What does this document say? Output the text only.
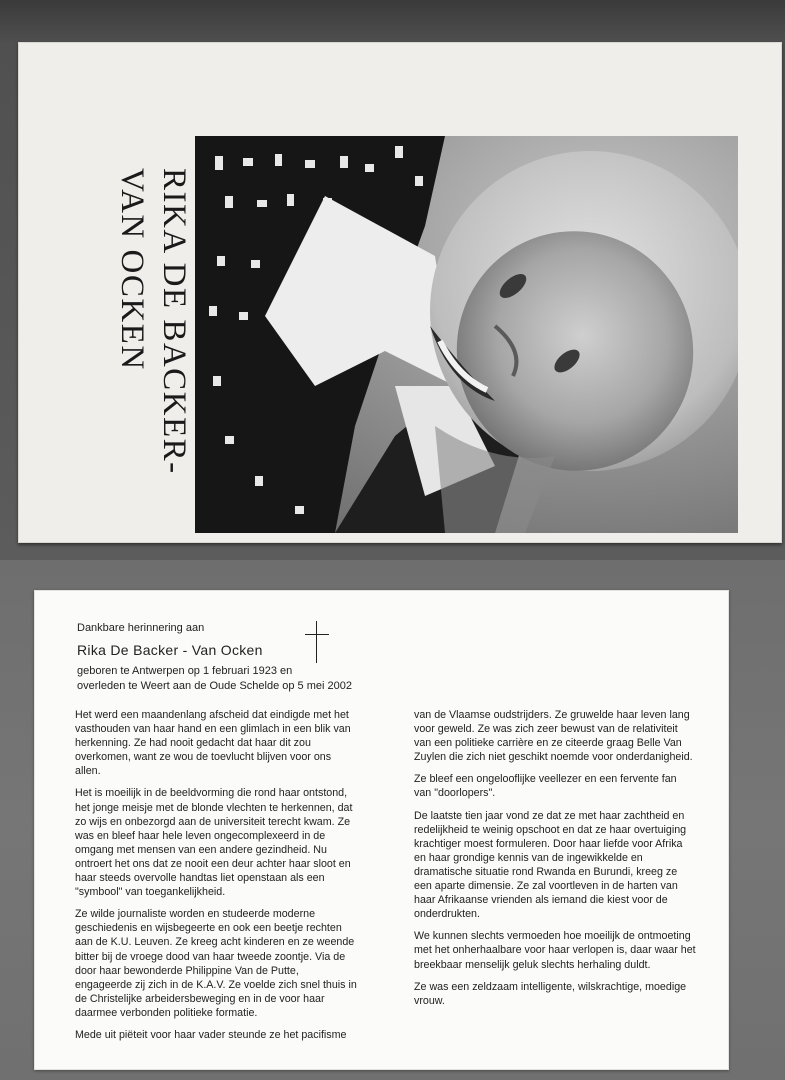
RIKA DE BACKER-
VAN OCKEN
Dankbare herinnering aan
Rika De Backer - Van Ocken
geboren te Antwerpen op 1 februari 1923 en
overleden te Weert aan de Oude Schelde op 5 mei 2002

Het werd een maandenlang afscheid dat eindigde met het vasthouden van haar hand en een glimlach in een blik van herkenning. Ze had nooit gedacht dat haar dit zou overkomen, want ze wou de toevlucht blijven voor ons allen.

Het is moeilijk in de beeldvorming die rond haar ontstond, het jonge meisje met de blonde vlechten te herkennen, dat zo wijs en onbezorgd aan de universiteit terecht kwam. Ze was en bleef haar hele leven ongecomplexeerd in de omgang met mensen van een andere gezindheid. Nu ontroert het ons dat ze nooit een deur achter haar sloot en haar steeds overvolle handtas liet openstaan als een "symbool" van toegankelijkheid.

Ze wilde journaliste worden en studeerde moderne geschiedenis en wijsbegeerte en ook een beetje rechten aan de K.U. Leuven. Ze kreeg acht kinderen en ze weende bitter bij de vroege dood van haar tweede zoontje. Via de door haar bewonderde Philippine Van de Putte, engageerde zij zich in de K.A.V. Ze voelde zich snel thuis in de Christelijke arbeidersbeweging en in de voor haar daarmee verbonden politieke formatie.

Mede uit piëteit voor haar vader steunde ze het pacifisme

van de Vlaamse oudstrijders. Ze gruwelde haar leven lang voor geweld. Ze was zich zeer bewust van de relativiteit van een politieke carrière en ze citeerde graag Belle Van Zuylen die zich niet geschikt noemde voor onderdanigheid.

Ze bleef een ongelooflijke veellezer en een fervente fan van "doorlopers".

De laatste tien jaar vond ze dat ze met haar zachtheid en redelijkheid te weinig opschoot en dat ze haar overtuiging krachtiger moest formuleren. Door haar liefde voor Afrika en haar grondige kennis van de ingewikkelde en dramatische situatie rond Rwanda en Burundi, kreeg ze een aparte dimensie. Ze zal voortleven in de harten van haar Afrikaanse vrienden als iemand die kiest voor de onderdrukten.

We kunnen slechts vermoeden hoe moeilijk de ontmoeting met het onherhaalbare voor haar verlopen is, daar waar het breekbaar menselijk geluk slechts herhaling duldt.

Ze was een zeldzaam intelligente, wilskrachtige, moedige vrouw.
